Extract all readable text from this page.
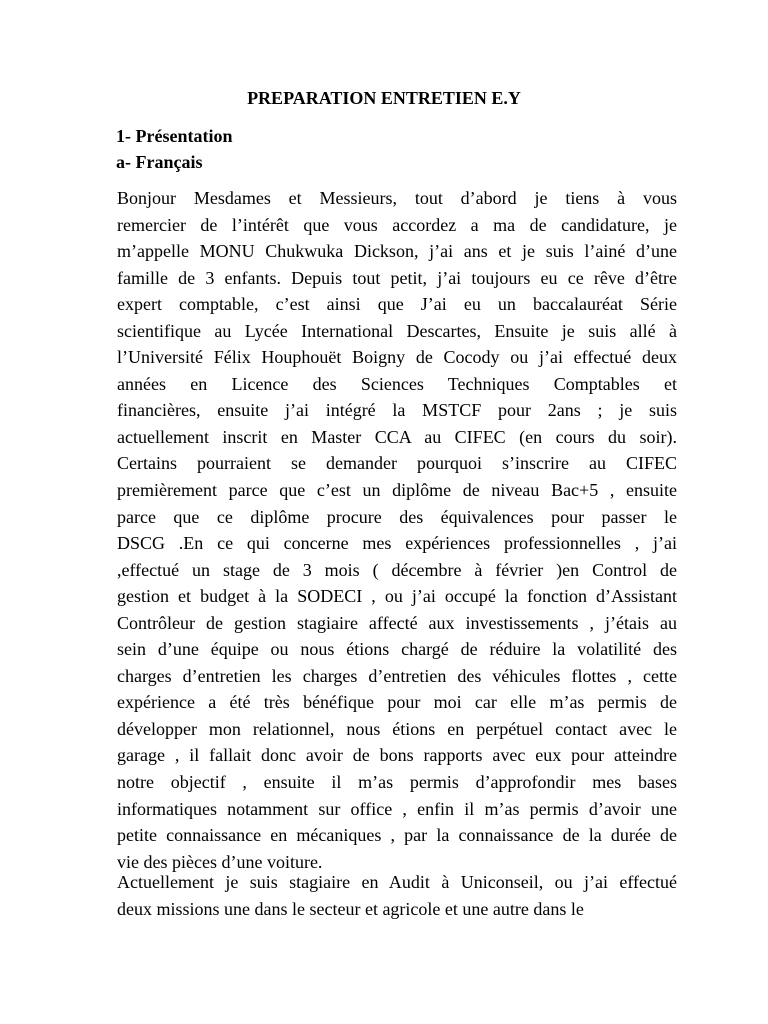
PREPARATION ENTRETIEN E.Y
1- Présentation
a- Français
Bonjour Mesdames et Messieurs, tout d’abord je tiens à vous
remercier de l’intérêt que vous accordez a ma de candidature, je
m’appelle MONU Chukwuka Dickson, j’ai ans et je suis l’ainé d’une
famille de 3 enfants. Depuis tout petit, j’ai toujours eu ce rêve d’être
expert comptable, c’est ainsi que J’ai eu un baccalauréat Série
scientifique au Lycée International Descartes, Ensuite je suis allé à
l’Université Félix Houphouët Boigny de Cocody ou j’ai effectué deux
années en Licence des Sciences Techniques Comptables et
financières, ensuite j’ai intégré la MSTCF pour 2ans ; je suis
actuellement inscrit en Master CCA au CIFEC (en cours du soir).
Certains pourraient se demander pourquoi s’inscrire au CIFEC
premièrement parce que c’est un diplôme de niveau Bac+5 , ensuite
parce que ce diplôme procure des équivalences pour passer le
DSCG .En ce qui concerne mes expériences professionnelles , j’ai
,effectué un stage de 3 mois ( décembre à février )en Control de
gestion et budget à la SODECI , ou j’ai occupé la fonction d’Assistant
Contrôleur de gestion stagiaire affecté aux investissements , j’étais au
sein d’une équipe ou nous étions chargé de réduire la volatilité des
charges d’entretien les charges d’entretien des véhicules flottes , cette
expérience a été très bénéfique pour moi car elle m’as permis de
développer mon relationnel, nous étions en perpétuel contact avec le
garage , il fallait donc avoir de bons rapports avec eux pour atteindre
notre objectif , ensuite il m’as permis d’approfondir mes bases
informatiques notamment sur office , enfin il m’as permis d’avoir une
petite connaissance en mécaniques , par la connaissance de la durée de
vie des pièces d’une voiture.
Actuellement je suis stagiaire en Audit à Uniconseil, ou j’ai effectué
deux missions une dans le secteur et agricole et une autre dans le
